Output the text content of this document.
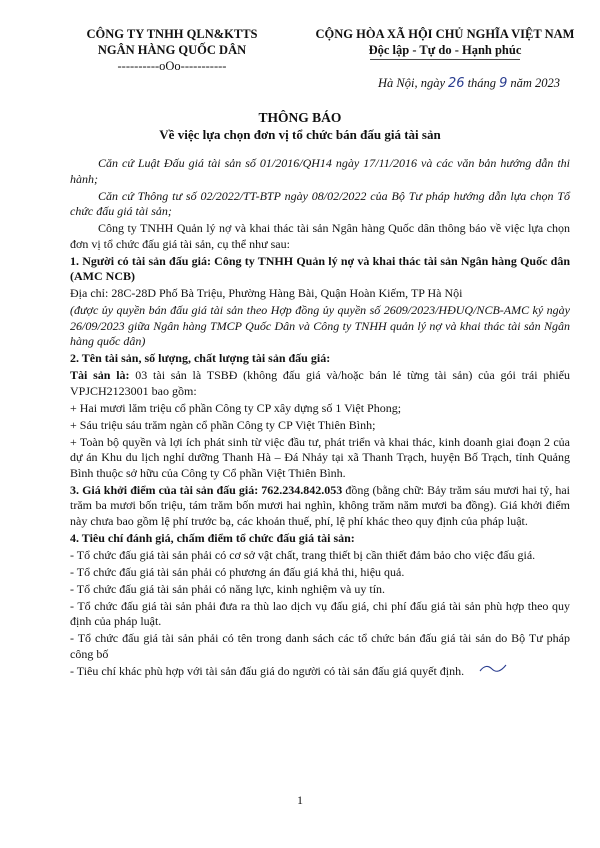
CÔNG TY TNHH QLN&KTTS
NGÂN HÀNG QUỐC DÂN
----------oOo-----------
CỘNG HÒA XÃ HỘI CHỦ NGHĨA VIỆT NAM
Độc lập - Tự do - Hạnh phúc
Hà Nội, ngày 26 tháng 9 năm 2023
THÔNG BÁO
Về việc lựa chọn đơn vị tổ chức bán đấu giá tài sản

Căn cứ Luật Đấu giá tài sản số 01/2016/QH14 ngày 17/11/2016 và các văn bản hướng dẫn thi hành;

Căn cứ Thông tư số 02/2022/TT-BTP ngày 08/02/2022 của Bộ Tư pháp hướng dẫn lựa chọn Tổ chức đấu giá tài sản;

Công ty TNHH Quản lý nợ và khai thác tài sản Ngân hàng Quốc dân thông báo về việc lựa chọn đơn vị tổ chức đấu giá tài sản, cụ thể như sau:

1. Người có tài sản đấu giá: Công ty TNHH Quản lý nợ và khai thác tài sản Ngân hàng Quốc dân (AMC NCB)

Địa chỉ: 28C-28D Phố Bà Triệu, Phường Hàng Bài, Quận Hoàn Kiếm, TP Hà Nội

(được ủy quyền bán đấu giá tài sản theo Hợp đồng ủy quyền số 2609/2023/HĐUQ/NCB-AMC ký ngày 26/09/2023 giữa Ngân hàng TMCP Quốc Dân và Công ty TNHH quản lý nợ và khai thác tài sản Ngân hàng quốc dân)

2. Tên tài sản, số lượng, chất lượng tài sản đấu giá:

Tài sản là: 03 tài sản là TSBĐ (không đấu giá và/hoặc bán lẻ từng tài sản) của gói trái phiếu VPJCH2123001 bao gồm:

+ Hai mươi lăm triệu cổ phần Công ty CP xây dựng số 1 Việt Phong;

+ Sáu triệu sáu trăm ngàn cổ phần Công ty CP Việt Thiên Bình;

+ Toàn bộ quyền và lợi ích phát sinh từ việc đầu tư, phát triển và khai thác, kinh doanh giai đoạn 2 của dự án Khu du lịch nghỉ dưỡng Thanh Hà – Đá Nhảy tại xã Thanh Trạch, huyện Bố Trạch, tỉnh Quảng Bình thuộc sở hữu của Công ty Cổ phần Việt Thiên Bình.

3. Giá khởi điểm của tài sản đấu giá: 762.234.842.053 đồng (bằng chữ: Bảy trăm sáu mươi hai tỷ, hai trăm ba mươi bốn triệu, tám trăm bốn mươi hai nghìn, không trăm năm mươi ba đồng). Giá khởi điểm này chưa bao gồm lệ phí trước bạ, các khoản thuế, phí, lệ phí khác theo quy định của pháp luật.

4. Tiêu chí đánh giá, chấm điểm tổ chức đấu giá tài sản:

- Tổ chức đấu giá tài sản phải có cơ sở vật chất, trang thiết bị cần thiết đảm bảo cho việc đấu giá.

- Tổ chức đấu giá tài sản phải có phương án đấu giá khả thi, hiệu quả.

- Tổ chức đấu giá tài sản phải có năng lực, kinh nghiệm và uy tín.

- Tổ chức đấu giá tài sản phải đưa ra thù lao dịch vụ đấu giá, chi phí đấu giá tài sản phù hợp theo quy định của pháp luật.

- Tổ chức đấu giá tài sản phải có tên trong danh sách các tổ chức bán đấu giá tài sản do Bộ Tư pháp công bố

- Tiêu chí khác phù hợp với tài sản đấu giá do người có tài sản đấu giá quyết định.

1
